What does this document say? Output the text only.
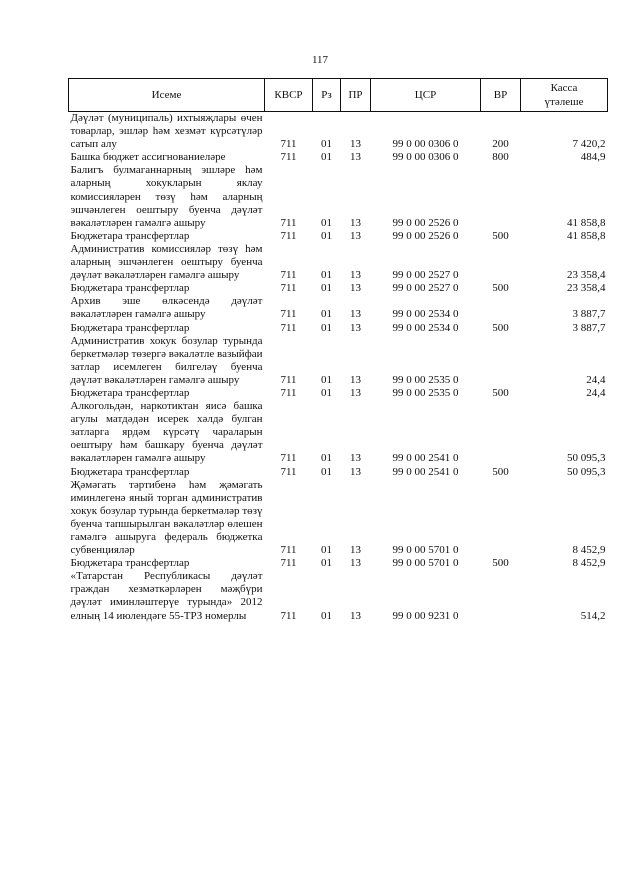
117
Исеме	КВСР	Рз	ПР	ЦСР	ВР	Касса
үтәлеше

Дәүләт (муниципаль) ихтыяҗлары өчен товарлар, эшләр һәм хезмәт күрсәтүләр сатып алу	711	01	13	99 0 00 0306 0	200	7 420,2
Башка бюджет ассигнованиеләре	711	01	13	99 0 00 0306 0	800	484,9
Балигъ булмаганнарның эшләре һәм аларның хокукларын яклау комиссияләрен төзү һәм аларның эшчәнлеген оештыру буенча дәүләт вәкаләтләрен гамәлгә ашыру	711	01	13	99 0 00 2526 0		41 858,8
Бюджетара трансфертлар	711	01	13	99 0 00 2526 0	500	41 858,8
Административ комиссияләр төзү һәм аларның эшчәнлеген оештыру буенча дәүләт вәкаләтләрен гамәлгә ашыру	711	01	13	99 0 00 2527 0		23 358,4
Бюджетара трансфертлар	711	01	13	99 0 00 2527 0	500	23 358,4
Архив эше өлкәсендә дәүләт вәкаләтләрен гамәлгә ашыру	711	01	13	99 0 00 2534 0		3 887,7
Бюджетара трансфертлар	711	01	13	99 0 00 2534 0	500	3 887,7
Административ хокук бозулар турында беркетмәләр төзергә вәкаләтле вазыйфаи затлар исемлеген билгеләү буенча дәүләт вәкаләтләрен гамәлгә ашыру	711	01	13	99 0 00 2535 0		24,4
Бюджетара трансфертлар	711	01	13	99 0 00 2535 0	500	24,4
Алкогольдән, наркотиктан яисә башка агулы матдәдән исерек хәлдә булган затларга ярдәм күрсәтү чараларын оештыру һәм башкару буенча дәүләт вәкаләтләрен гамәлгә ашыру	711	01	13	99 0 00 2541 0		50 095,3
Бюджетара трансфертлар	711	01	13	99 0 00 2541 0	500	50 095,3
Җәмәгать тәртибенә һәм җәмәгать иминлегенә яный торган административ хокук бозулар турында беркетмәләр төзү буенча тапшырылган вәкаләтләр өлешен гамәлгә ашыруга федераль бюджеткa субвенцияләр	711	01	13	99 0 00 5701 0		8 452,9
Бюджетара трансфертлар	711	01	13	99 0 00 5701 0	500	8 452,9
«Татарстан Республикасы дәүләт граждан хезмәткәрләрен мәҗбүри дәүләт иминләштерүе турында» 2012 елның 14 июлендәге 55-ТРЗ номерлы	711	01	13	99 0 00 9231 0		514,2
